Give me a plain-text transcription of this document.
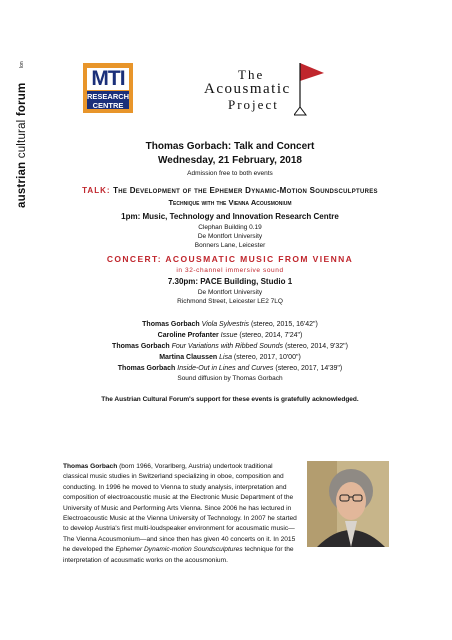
austrian cultural forum
lon
MTI
RESEARCH
CENTRE
The
Acousmatic
Project
Thomas Gorbach: Talk and Concert
Wednesday, 21 February, 2018
Admission free to both events
TALK: The Development of the Ephemer Dynamic-Motion Soundsculptures
Technique with the Vienna Acousmonium
1pm: Music, Technology and Innovation Research Centre
Clephan Building 0.19
De Montfort University
Bonners Lane, Leicester
CONCERT: ACOUSMATIC MUSIC FROM VIENNA
in 32-channel immersive sound
7.30pm: PACE Building, Studio 1
De Montfort University
Richmond Street, Leicester LE2 7LQ
Thomas Gorbach Viola Sylvestris (stereo, 2015, 16'42")
Caroline Profanter Issue (stereo, 2014, 7'24")
Thomas Gorbach Four Variations with Ribbed Sounds (stereo, 2014, 9'32")
Martina Claussen Lisa (stereo, 2017, 10'00")
Thomas Gorbach Inside-Out in Lines and Curves (stereo, 2017, 14'39")
Sound diffusion by Thomas Gorbach
The Austrian Cultural Forum's support for these events is gratefully acknowledged.
Thomas Gorbach (born 1966, Vorarlberg, Austria) undertook traditional classical music studies in Switzerland specializing in oboe, composition and conducting. In 1996 he moved to Vienna to study analysis, interpretation and composition of electroacoustic music at the Electronic Music Department of the University of Music and Performing Arts Vienna. Since 2006 he has lectured in Electroacoustic Music at the Vienna University of Technology. In 2007 he started to develop Austria's first multi-loudspeaker environment for acousmatic music—The Vienna Acousmonium—and since then has given 40 concerts on it. In 2015 he developed the Ephemer Dynamic-motion Soundsculptures technique for the interpretation of acousmatic works on the acousmonium.
